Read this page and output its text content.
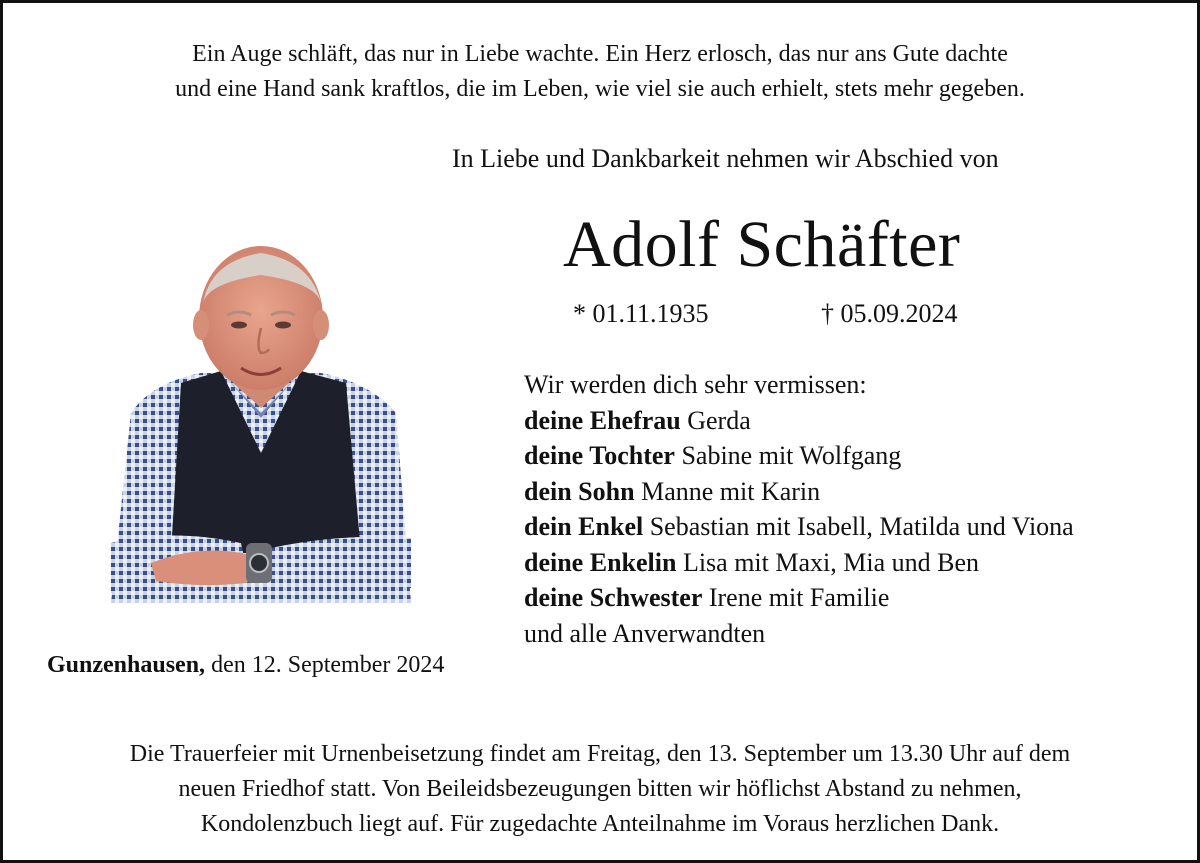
Ein Auge schläft, das nur in Liebe wachte. Ein Herz erlosch, das nur ans Gute dachte
und eine Hand sank kraftlos, die im Leben, wie viel sie auch erhielt, stets mehr gegeben.
In Liebe und Dankbarkeit nehmen wir Abschied von
Adolf Schäfter
* 01.11.1935	† 05.09.2024
Wir werden dich sehr vermissen:
deine Ehefrau Gerda
deine Tochter Sabine mit Wolfgang
dein Sohn Manne mit Karin
dein Enkel Sebastian mit Isabell, Matilda und Viona
deine Enkelin Lisa mit Maxi, Mia und Ben
deine Schwester Irene mit Familie
und alle Anverwandten
Gunzenhausen, den 12. September 2024
Die Trauerfeier mit Urnenbeisetzung findet am Freitag, den 13. September um 13.30 Uhr auf dem
neuen Friedhof statt. Von Beileidsbezeugungen bitten wir höflichst Abstand zu nehmen,
Kondolenzbuch liegt auf. Für zugedachte Anteilnahme im Voraus herzlichen Dank.
